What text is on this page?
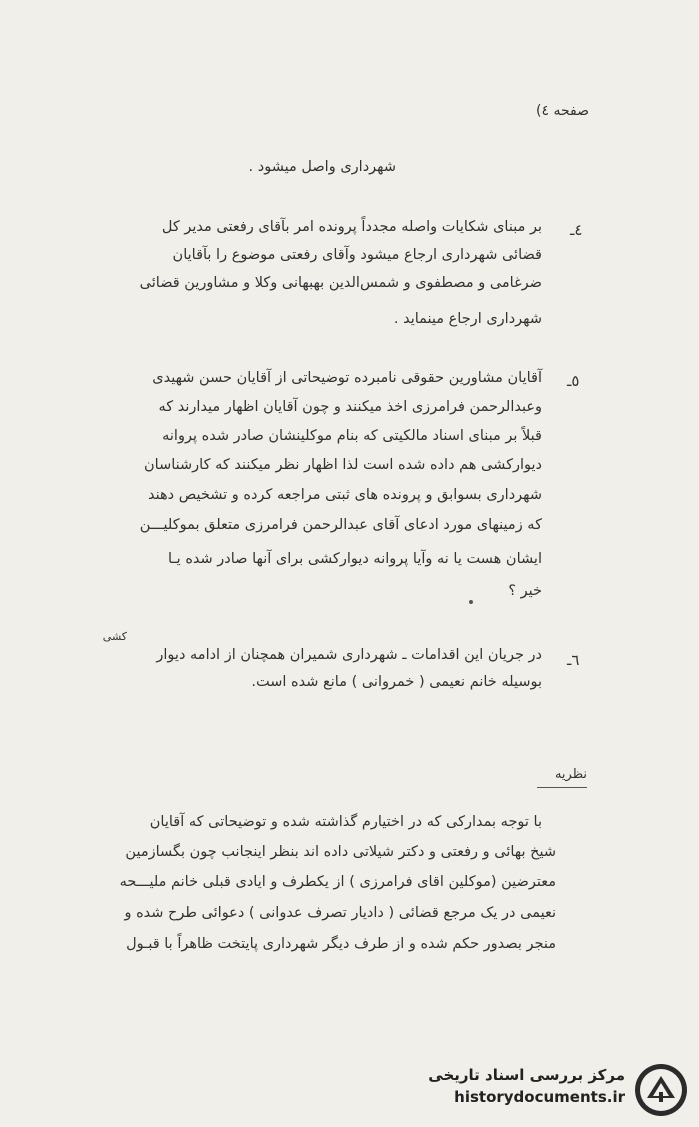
صفحه ٤)
شهرداری واصل میشود .
٤ـ
بر مبنای شکایات واصله مجدداً پرونده امر بآقای رفعتی مدیر کل
قضائی شهرداری ارجاع میشود وآقای رفعتی موضوع را بآقایان
ضرغامی و مصطفوی و شمس‌الدین بهبهانی وکلا و مشاورین قضائی
شهرداری ارجاع مینماید .
٥ـ
آقایان مشاورین حقوقی نامبرده توضیحاتی از آقایان حسن شهیدی
وعبدالرحمن فرامرزی اخذ میکنند و چون آقایان اظهار میدارند که
قبلاً بر مبنای اسناد مالکیتی که بنام موکلینشان صادر شده پروانه
دیوارکشی هم داده شده است لذا اظهار نظر میکنند که کارشناسان
شهرداری بسوابق و پرونده های ثبتی مراجعه کرده و تشخیص دهند
که زمینهای مورد ادعای آقای عبدالرحمن فرامرزی متعلق بموکلیـــن
ایشان هست یا نه وآیا پروانه دیوارکشی برای آنها صادر شده یـا
خیر ؟
کشی
٦ـ
در جریان این اقدامات ـ شهرداری شمیران همچنان از ادامه دیوار
بوسیله خانم نعیمی ( خمروانی ) مانع شده است.
نظریه
با توجه بمدارکی که در اختیارم گذاشته شده و توضیحاتی که آقایان
شیخ بهائی و رفعتی و دکتر شیلاتی داده اند بنظر اینجانب چون بگسازمین
معترضین (موکلین اقای فرامرزی ) از یکطرف و ایادی قبلی خانم ملیـــحه
نعیمی در یک مرجع قضائی ( دادیار تصرف عدوانی ) دعوائی طرح شده و
منجر بصدور حکم شده و از طرف دیگر شهرداری پایتخت ظاهراً با قبـول
مرکز بررسی اسناد تاریخی
historydocuments.ir
